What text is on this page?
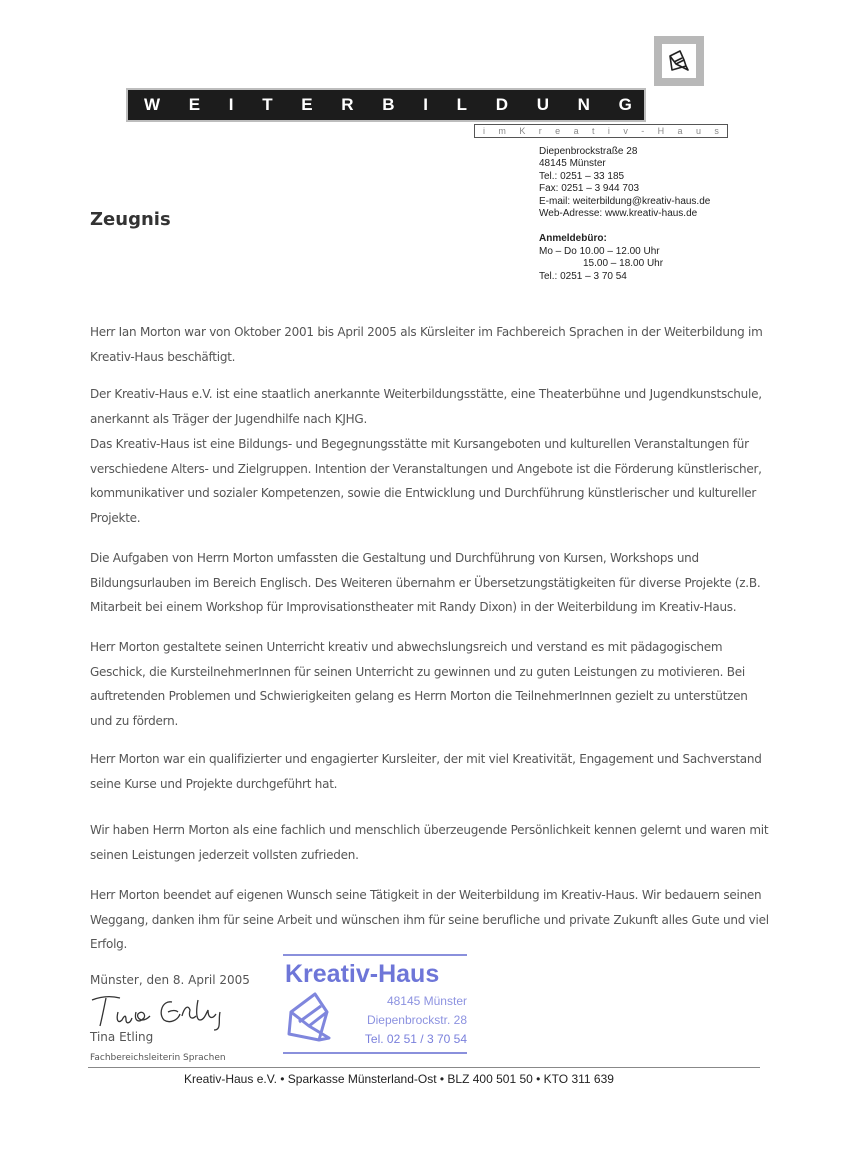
W E I T E R B I L D U N G
i m K r e a t i v - H a u s
Diepenbrockstraße 28
48145 Münster
Tel.: 0251 – 33 185
Fax: 0251 – 3 944 703
E-mail: weiterbildung@kreativ-haus.de
Web-Adresse: www.kreativ-haus.de
Anmeldebüro:
Mo – Do 10.00 – 12.00 Uhr
15.00 – 18.00 Uhr
Tel.: 0251 – 3 70 54
Zeugnis
Herr Ian Morton war von Oktober 2001 bis April 2005 als Kürsleiter im Fachbereich Sprachen in der Weiterbildung im Kreativ-Haus beschäftigt.
Der Kreativ-Haus e.V. ist eine staatlich anerkannte Weiterbildungsstätte, eine Theaterbühne und Jugendkunstschule, anerkannt als Träger der Jugendhilfe nach KJHG.
Das Kreativ-Haus ist eine Bildungs- und Begegnungsstätte mit Kursangeboten und kulturellen Veranstaltungen für verschiedene Alters- und Zielgruppen. Intention der Veranstaltungen und Angebote ist die Förderung künstlerischer, kommunikativer und sozialer Kompetenzen, sowie die Entwicklung und Durchführung künstlerischer und kultureller Projekte.
Die Aufgaben von Herrn Morton umfassten die Gestaltung und Durchführung von Kursen, Workshops und Bildungsurlauben im Bereich Englisch. Des Weiteren übernahm er Übersetzungstätigkeiten für diverse Projekte (z.B. Mitarbeit bei einem Workshop für Improvisationstheater mit Randy Dixon) in der Weiterbildung im Kreativ-Haus.
Herr Morton gestaltete seinen Unterricht kreativ und abwechslungsreich und verstand es mit pädagogischem Geschick, die KursteilnehmerInnen für seinen Unterricht zu gewinnen und zu guten Leistungen zu motivieren. Bei auftretenden Problemen und Schwierigkeiten gelang es Herrn Morton die TeilnehmerInnen gezielt zu unterstützen und zu fördern.
Herr Morton war ein qualifizierter und engagierter Kursleiter, der mit viel Kreativität, Engagement und Sachverstand seine Kurse und Projekte durchgeführt hat.
Wir haben Herrn Morton als eine fachlich und menschlich überzeugende Persönlichkeit kennen gelernt und waren mit seinen Leistungen jederzeit vollsten zufrieden.
Herr Morton beendet auf eigenen Wunsch seine Tätigkeit in der Weiterbildung im Kreativ-Haus. Wir bedauern seinen Weggang, danken ihm für seine Arbeit und wünschen ihm für seine berufliche und private Zukunft alles Gute und viel Erfolg.
Münster, den 8. April 2005
Tina Etling
Fachbereichsleiterin Sprachen
Kreativ-Haus
48145 Münster
Diepenbrockstr. 28
Tel. 02 51 / 3 70 54
Kreativ-Haus e.V. • Sparkasse Münsterland-Ost • BLZ 400 501 50 • KTO 311 639
